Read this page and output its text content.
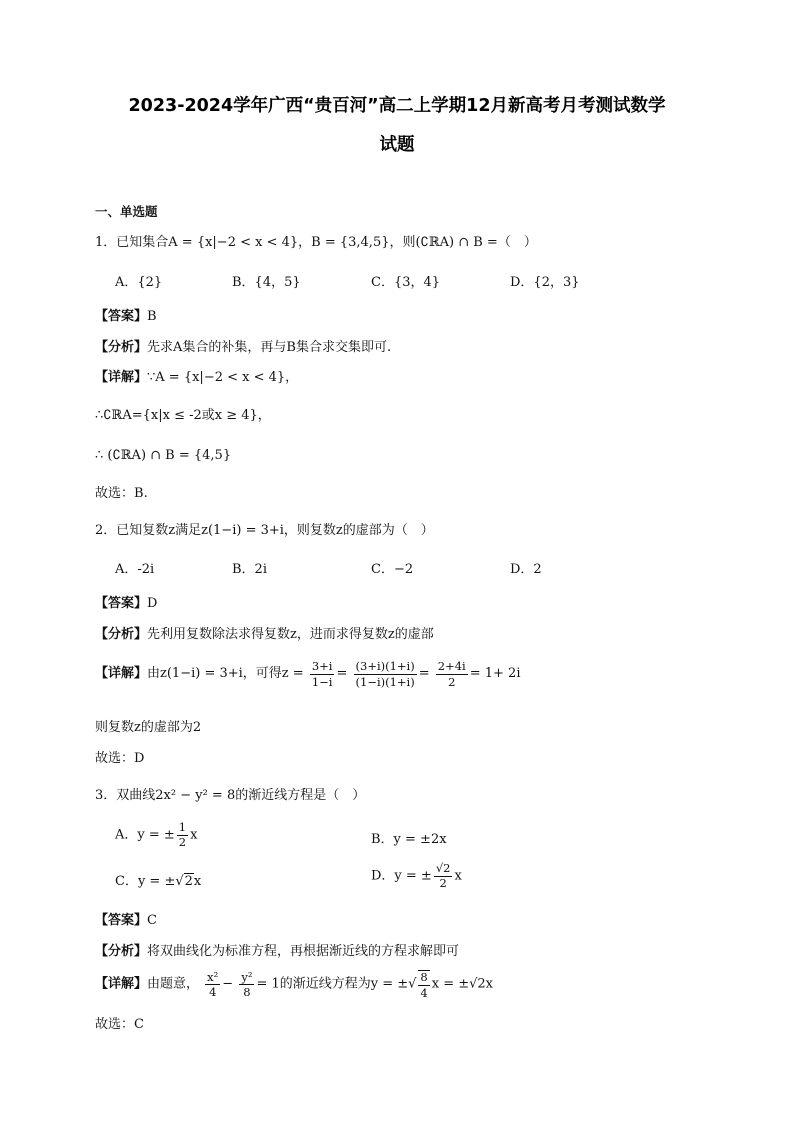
2023-2024学年广西“贵百河”高二上学期12月新高考月考测试数学
试题
一、单选题
1．已知集合A = {x|−2 < x < 4}，B = {3,4,5}，则(∁ℝA) ∩ B =（　）
A．{2}	B．{4，5}	C．{3，4}	D．{2，3}
【答案】B
【分析】先求A集合的补集，再与B集合求交集即可.
【详解】∵A = {x|−2 < x < 4}，
∴∁ℝA={x|x ≤ -2或x ≥ 4}，
∴ (∁ℝA) ∩ B = {4,5}
故选：B.
2．已知复数z满足z(1−i) = 3+i，则复数z的虚部为（　）
A．-2i	B．2i	C．−2	D．2
【答案】D
【分析】先利用复数除法求得复数z，进而求得复数z的虚部
【详解】由z(1−i) = 3+i，可得$z = \frac{3+i}{1-i} = \frac{(3+i)(1+i)}{(1-i)(1+i)} = \frac{2+4i}{2} = 1+ 2i$
则复数z的虚部为2
故选：D
3．双曲线2x² − y² = 8的渐近线方程是（　）
A．y = ± $\frac{1}{2}$ x	B．y = ±2x
C．y = ±√2x	D．y = ± $\frac{√2}{2}$ x
【答案】C
【分析】将双曲线化为标准方程，再根据渐近线的方程求解即可
【详解】由题意， $\frac{\text{x²}}{4} - \frac{\text{y²}}{8} = 1$的渐近线方程为y = ±√ $\frac{8}{4}$ x = ±√2x
故选：C
